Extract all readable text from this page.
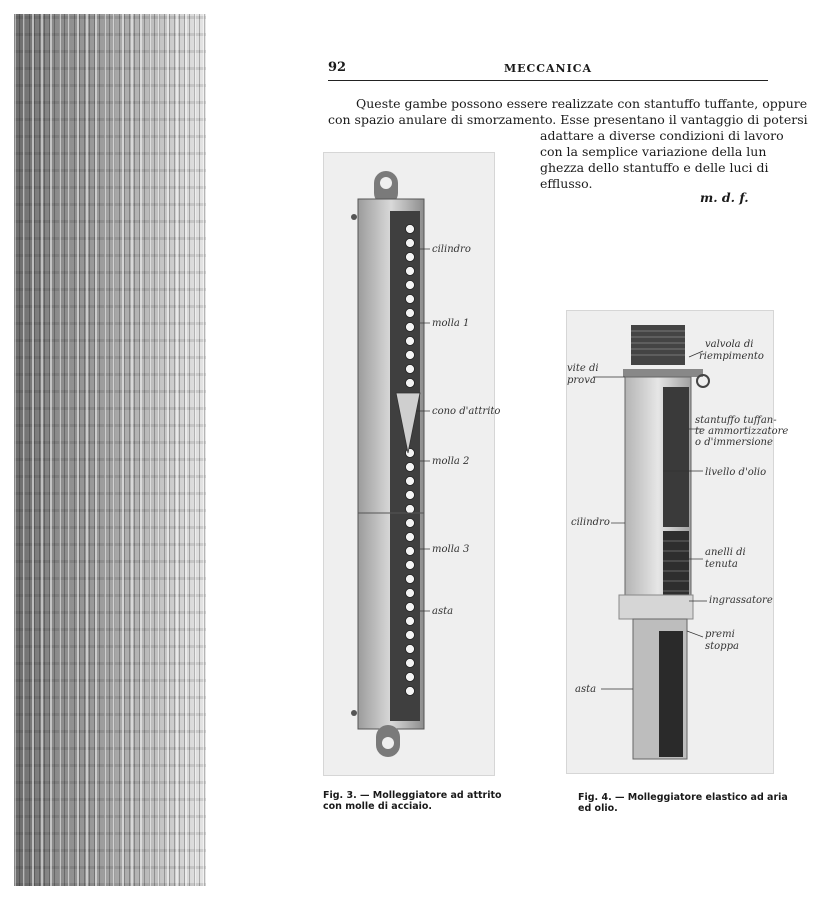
92	MECCANICA
Queste gambe possono essere realizzate con stantuffo tuffante, oppure
con spazio anulare di smorzamento. Esse presentano il vantaggio di potersi
adattare a diverse condizioni di lavoro
con la semplice variazione della lun
ghezza dello stantuffo e delle luci di
efflusso.
m. d. f.
cilindro
molla 1
cono d'attrito
molla 2
molla 3
asta
Fig. 3. — Molleggiatore ad attrito
con molle di acciaio.
valvola di
riempimento
vite di
prova
stantuffo tuffan-
te ammortizzatore
o d'immersione
livello d'olio
cilindro
anelli di
tenuta
ingrassatore
premi
stoppa
asta
Fig. 4. — Molleggiatore elastico ad aria
ed olio.
